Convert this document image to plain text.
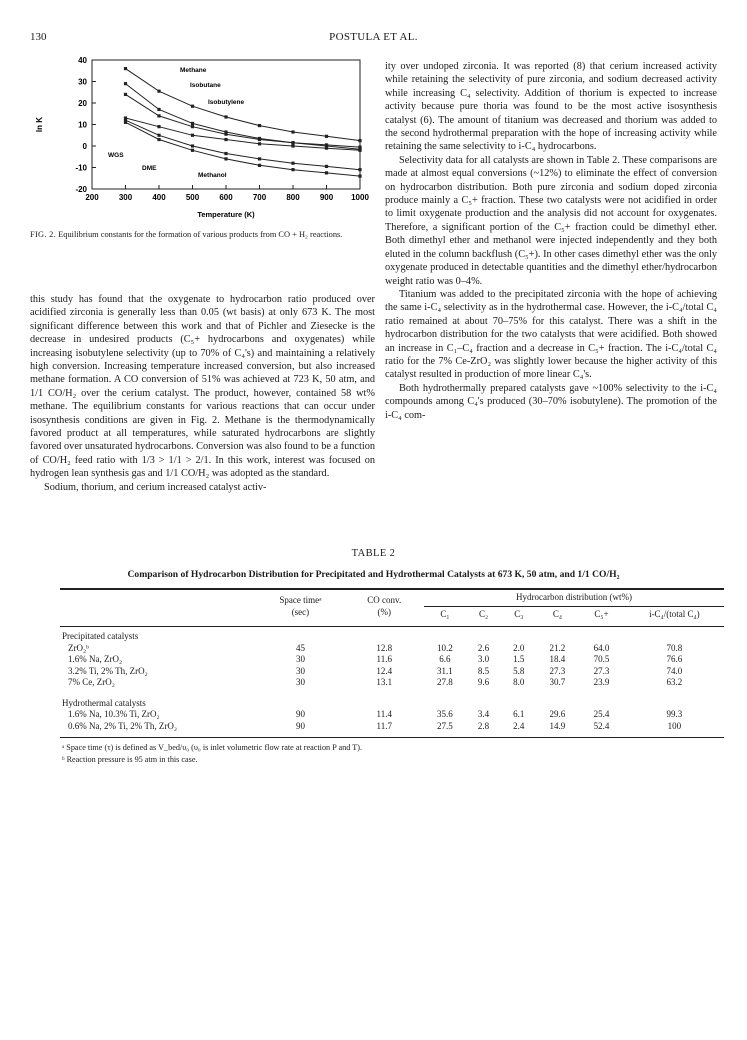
130	POSTULA ET AL.
Methane
Isobutane
Isobutylene
WGS
DME
Methanol
40
30
20
10
0
-10
-20
200	300	400	500	600	700	800	900 1000
ln K
Temperature (K)
FIG. 2. Equilibrium constants for the formation of various products from CO + H₂ reactions.

this study has found that the oxygenate to hydrocarbon ratio produced over acidified zirconia is generally less than 0.05 (wt basis) at only 673 K. The most significant difference between this work and that of Pichler and Ziesecke is the decrease in undesired products (C₅+ hydrocarbons and oxygenates) while increasing isobutylene selectivity (up to 70% of C₄'s) and maintaining a relatively high conversion. Increasing temperature increased conversion, but also increased methane formation. A CO conversion of 51% was achieved at 723 K, 50 atm, and 1/1 CO/H₂ over the cerium catalyst. The product, however, contained 58 wt% methane. The equilibrium constants for various reactions that can occur under isosynthesis conditions are given in Fig. 2. Methane is the thermodynamically favored product at all temperatures, while saturated hydrocarbons are slightly favored over unsaturated hydrocarbons. Conversion was also found to be a function of CO/H₂ feed ratio with 1/3 > 1/1 > 2/1. In this work, interest was focused on hydrogen lean synthesis gas and 1/1 CO/H₂ was adopted as the standard.

Sodium, thorium, and cerium increased catalyst activ-

ity over undoped zirconia. It was reported (8) that cerium increased activity while retaining the selectivity of pure zirconia, and sodium decreased activity while increasing C₄ selectivity. Addition of thorium is expected to increase activity because pure thoria was found to be the most active isosynthesis catalyst (6). The amount of titanium was decreased and thorium was added to the second hydrothermal preparation with the hope of increasing activity while retaining the same selectivity to i-C₄ hydrocarbons.

Selectivity data for all catalysts are shown in Table 2. These comparisons are made at almost equal conversions (~12%) to eliminate the effect of conversion on hydrocarbon distribution. Both pure zirconia and sodium doped zirconia produce mainly a C₅+ fraction. These two catalysts were not acidified in order to limit oxygenate production and the analysis did not account for oxygenates. Therefore, a significant portion of the C₅+ fraction could be dimethyl ether. Both dimethyl ether and methanol were injected independently and they both eluted in the column backflush (C₅+). In other cases dimethyl ether was the only oxygenate produced in detectable quantities and the dimethyl ether/hydrocarbon weight ratio was 0–4%.

Titanium was added to the precipitated zirconia with the hope of achieving the same i-C₄ selectivity as in the hydrothermal case. However, the i-C₄/total C₄ ratio remained at about 70–75% for this catalyst. There was a shift in the hydrocarbon distribution for the two catalysts that were acidified. Both showed an increase in C₁–C₄ fraction and a decrease in C₅+ fraction. The i-C₄/total C₄ ratio for the 7% Ce-ZrO₂ was slightly lower because the higher activity of this catalyst resulted in production of more linear C₄'s.

Both hydrothermally prepared catalysts gave ~100% selectivity to the i-C₄ compounds among C₄'s produced (30–70% isobutylene). The promotion of the i-C₄ com-

TABLE 2
Comparison of Hydrocarbon Distribution for Precipitated and Hydrothermal Catalysts at 673 K, 50 atm, and 1/1 CO/H₂

	Space timeᵃ	CO conv.	Hydrocarbon distribution (wt%)					
	(sec)	(%)	C₁	C₂	C₃	C₄	C₅+	i-C₄/(total C₄)

Precipitated catalysts								
ZrO₂ᵇ	45	12.8	10.2	2.6	2.0	21.2	64.0	70.8
1.6% Na, ZrO₂	30	11.6	6.6	3.0	1.5	18.4	70.5	76.6
3.2% Ti, 2% Th, ZrO₂	30	12.4	31.1	8.5	5.8	27.3	27.3	74.0
7% Ce, ZrO₂	30	13.1	27.8	9.6	8.0	30.7	23.9	63.2

Hydrothermal catalysts								
1.6% Na, 10.3% Ti, ZrO₂	90	11.4	35.6	3.4	6.1	29.6	25.4	99.3
0.6% Na, 2% Ti, 2% Th, ZrO₂	90	11.7	27.5	2.8	2.4	14.9	52.4	100

ᵃ Space time (τ) is defined as V_bed/υ₀ (υ₀ is inlet volumetric flow rate at reaction P and T).								
ᵇ Reaction pressure is 95 atm in this case.								
